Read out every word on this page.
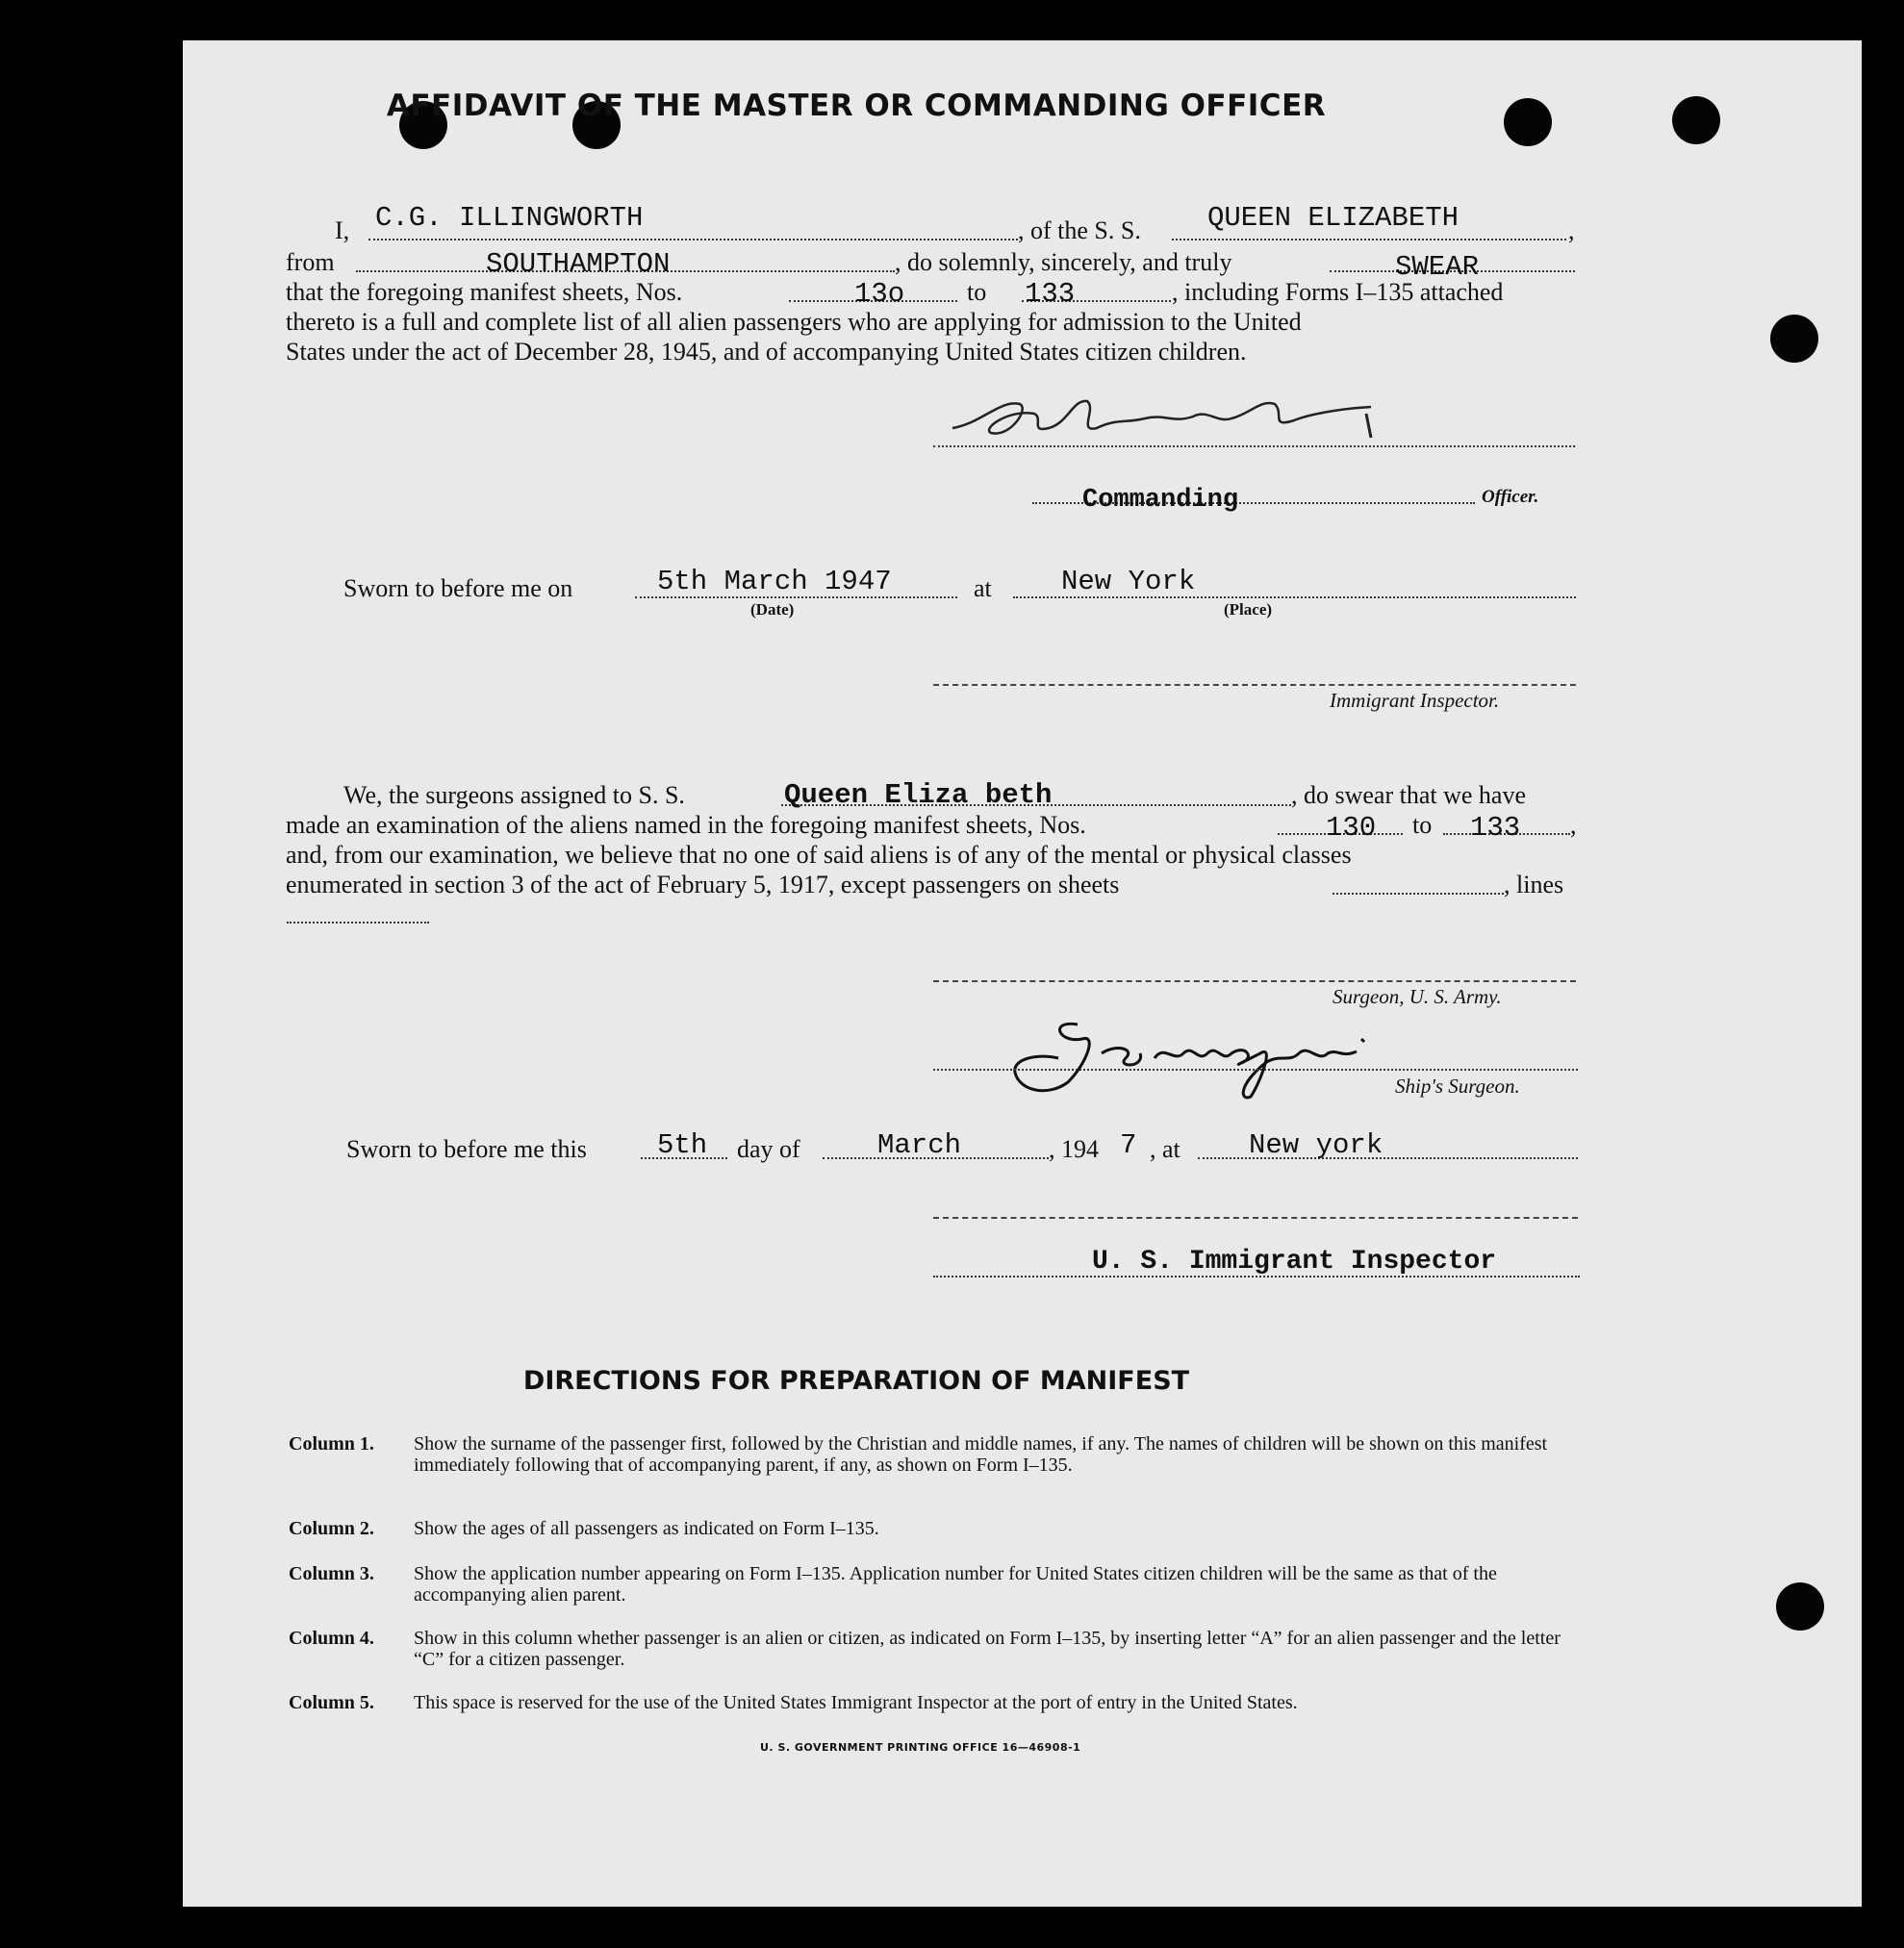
AFFIDAVIT OF THE MASTER OR COMMANDING OFFICER
I, C.G. ILLINGWORTH	, of the S. S. QUEEN ELIZABETH	,
from	SOUTHAMPTON	, do solemnly, sincerely, and truly	SWEAR
that the foregoing manifest sheets, Nos.	13o to 133	, including Forms I–135 attached
thereto is a full and complete list of all alien passengers who are applying for admission to the United
States under the act of December 28, 1945, and of accompanying United States citizen children.
Commanding	Officer.
Sworn to before me on	5th March 1947
(Date)
at New York
(Place)
Immigrant Inspector.
We, the surgeons assigned to S. S.	Queen Eliza beth	, do swear that we have
made an examination of the aliens named in the foregoing manifest sheets, Nos.	130 to 133 ,
and, from our examination, we believe that no one of said aliens is of any of the mental or physical classes
enumerated in section 3 of the act of February 5, 1917, except passengers on sheets	, lines
Surgeon, U. S. Army.
Ship's Surgeon.
Sworn to before me this	5th day of	March	, 194 7 , at New york
U. S. Immigrant Inspector
DIRECTIONS FOR PREPARATION OF MANIFEST
Column 1.	Show the surname of the passenger first, followed by the Christian and middle names, if any. The names of children will be shown on this manifest immediately following that of accompanying parent, if any, as shown on Form I–135.
Column 2.	Show the ages of all passengers as indicated on Form I–135.
Column 3.	Show the application number appearing on Form I–135. Application number for United States citizen children will be the same as that of the accompanying alien parent.
Column 4.	Show in this column whether passenger is an alien or citizen, as indicated on Form I–135, by inserting letter “A” for an alien passenger and the letter “C” for a citizen passenger.
Column 5.	This space is reserved for the use of the United States Immigrant Inspector at the port of entry in the United States.
U. S. GOVERNMENT PRINTING OFFICE 16—46908-1
